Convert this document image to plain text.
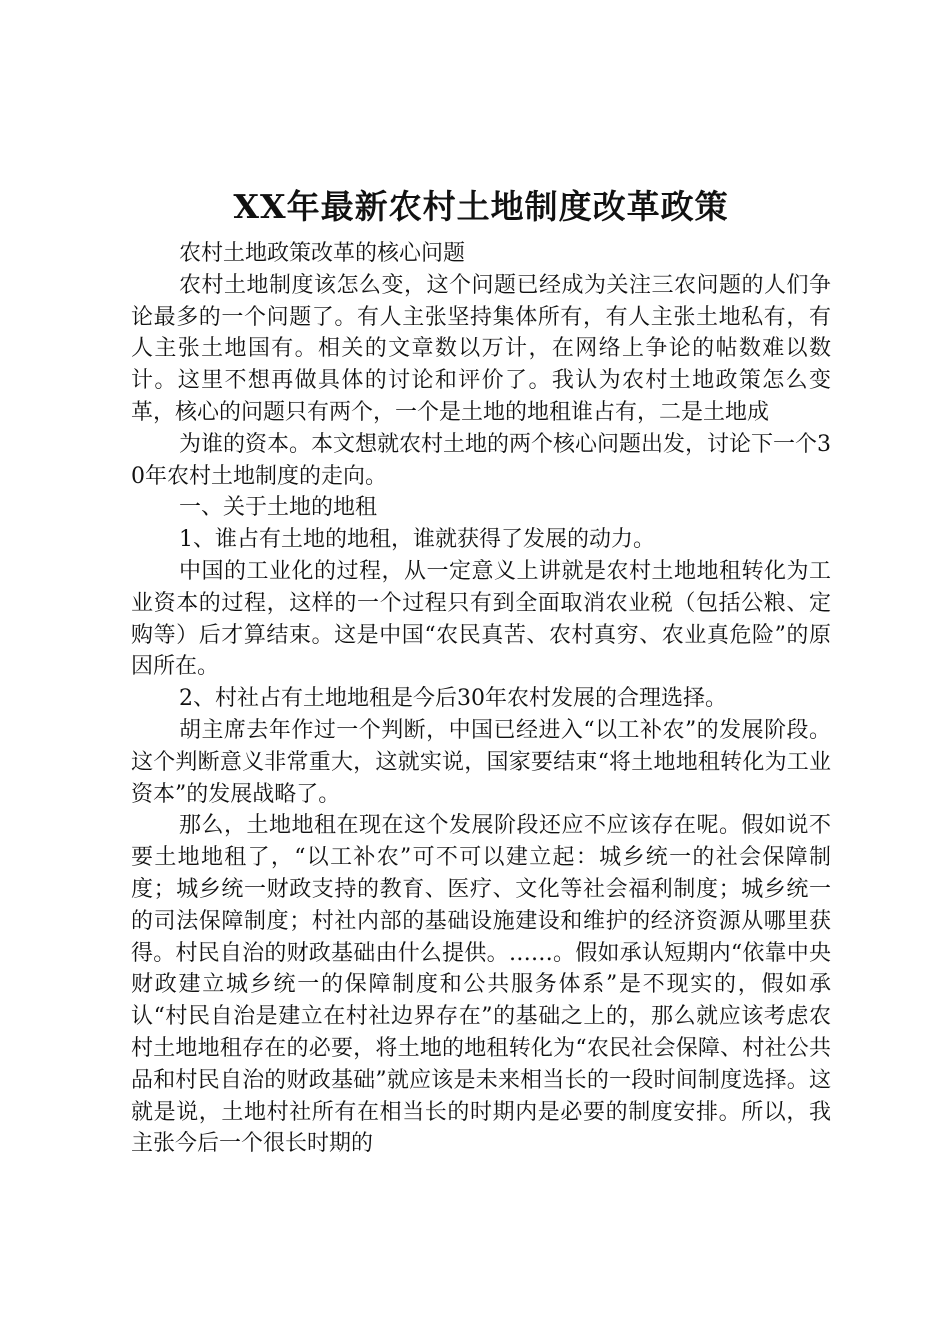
XX年最新农村土地制度改革政策

农村土地政策改革的核心问题

农村土地制度该怎么变，这个问题已经成为关注三农问题的人们争论最多的一个问题了。有人主张坚持集体所有，有人主张土地私有，有人主张土地国有。相关的文章数以万计，在网络上争论的帖数难以数计。这里不想再做具体的讨论和评价了。我认为农村土地政策怎么变革，核心的问题只有两个，一个是土地的地租谁占有，二是土地成

为谁的资本。本文想就农村土地的两个核心问题出发，讨论下一个30年农村土地制度的走向。

一、关于土地的地租

1、谁占有土地的地租，谁就获得了发展的动力。

中国的工业化的过程，从一定意义上讲就是农村土地地租转化为工业资本的过程，这样的一个过程只有到全面取消农业税（包括公粮、定购等）后才算结束。这是中国“农民真苦、农村真穷、农业真危险”的原因所在。

2、村社占有土地地租是今后30年农村发展的合理选择。

胡主席去年作过一个判断，中国已经进入“以工补农”的发展阶段。这个判断意义非常重大，这就实说，国家要结束“将土地地租转化为工业资本”的发展战略了。

那么，土地地租在现在这个发展阶段还应不应该存在呢。假如说不要土地地租了，“以工补农”可不可以建立起：城乡统一的社会保障制度；城乡统一财政支持的教育、医疗、文化等社会福利制度；城乡统一的司法保障制度；村社内部的基础设施建设和维护的经济资源从哪里获得。村民自治的财政基础由什么提供。……。假如承认短期内“依靠中央财政建立城乡统一的保障制度和公共服务体系”是不现实的，假如承认“村民自治是建立在村社边界存在”的基础之上的，那么就应该考虑农村土地地租存在的必要，将土地的地租转化为“农民社会保障、村社公共品和村民自治的财政基础”就应该是未来相当长的一段时间制度选择。这就是说，土地村社所有在相当长的时期内是必要的制度安排。所以，我主张今后一个很长时期的
